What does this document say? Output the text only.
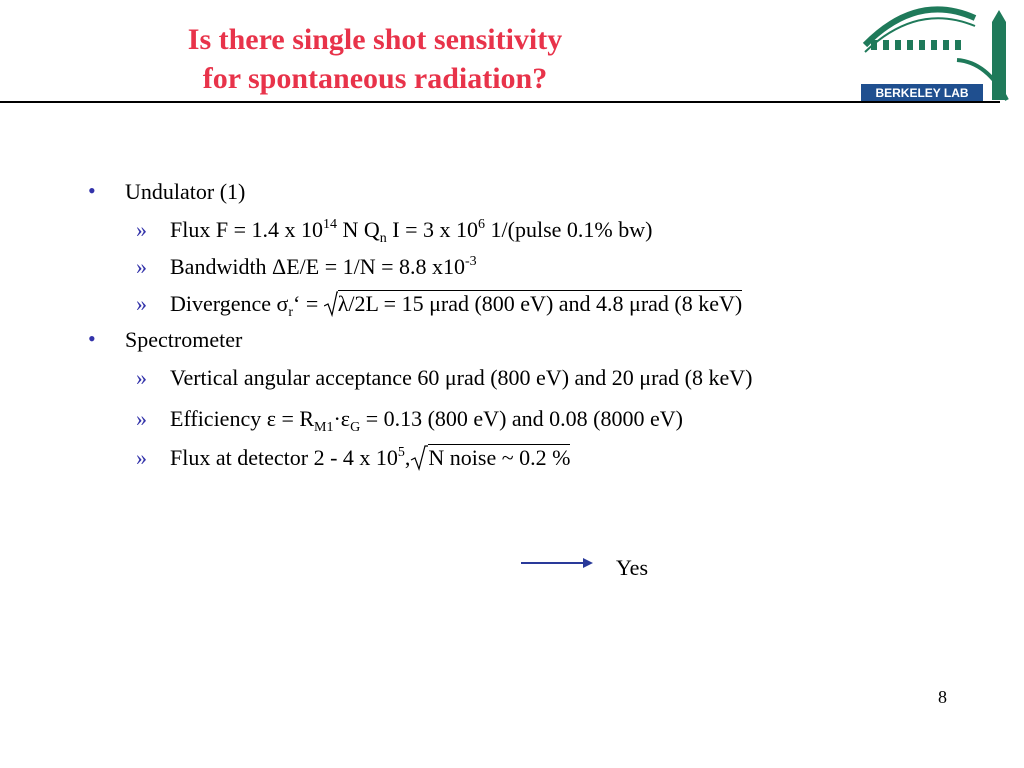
Is there single shot sensitivity
for spontaneous radiation?	BERKELEY LAB
• Undulator (1)
» Flux F = 1.4 x $10^{14}$ N $Q_n$ I = 3 x $10^6$ 1/(pulse 0.1% bw)
» Bandwidth ΔE/E = 1/N = 8.8 $x10^{-3}$
» Divergence $\sigma_r‘ = \lambda/2L = 15$ μrad (800 eV) and 4.8 μrad (8 keV)
• Spectrometer
» Vertical angular acceptance 60 μrad (800 eV) and 20 μrad (8 keV)
» Efficiency $\varepsilon = R_{M1}\cdot\varepsilon_G = 0.13$ (800 eV) and 0.08 (8000 eV)
» Flux at detector 2 - 4 x $10^5$, N noise ~ 0.2 %
Yes
8
